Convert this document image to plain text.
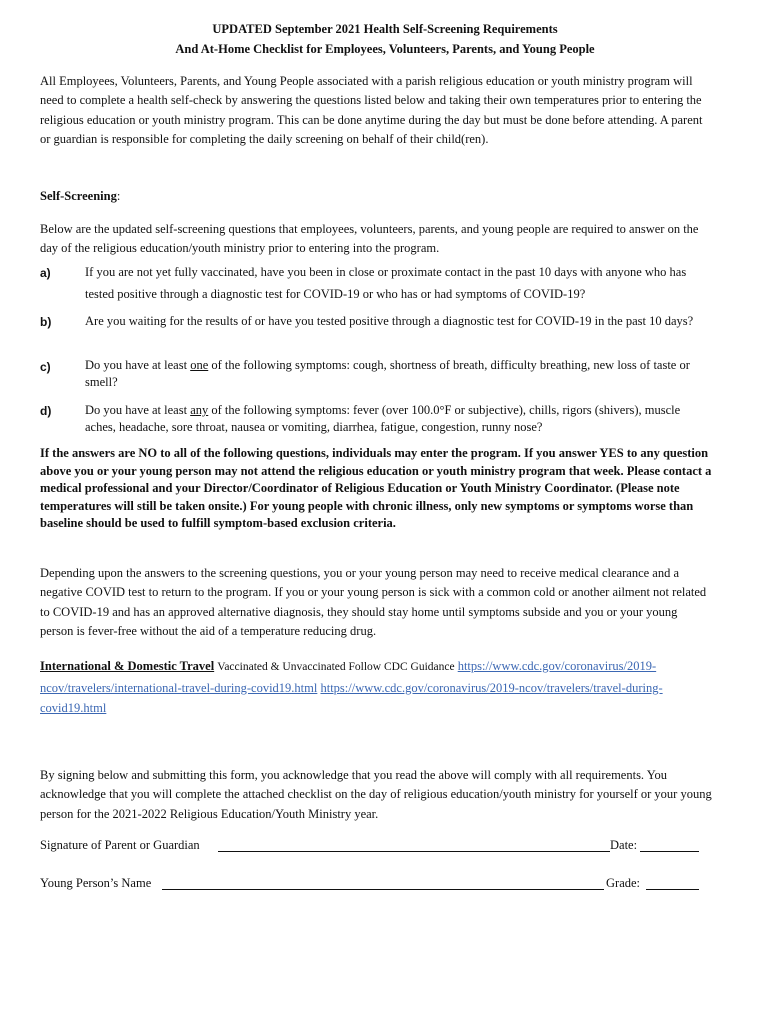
UPDATED September 2021 Health Self-Screening Requirements
And At-Home Checklist for Employees, Volunteers, Parents, and Young People
All Employees, Volunteers, Parents, and Young People associated with a parish religious education or youth ministry program will need to complete a health self-check by answering the questions listed below and taking their own temperatures prior to entering the religious education or youth ministry program. This can be done anytime during the day but must be done before attending. A parent or guardian is responsible for completing the daily screening on behalf of their child(ren).
Self-Screening:
Below are the updated self-screening questions that employees, volunteers, parents, and young people are required to answer on the day of the religious education/youth ministry prior to entering into the program.
a)	If you are not yet fully vaccinated, have you been in close or proximate contact in the past 10 days with anyone who has tested positive through a diagnostic test for COVID-19 or who has or had symptoms of COVID-19?
b)	Are you waiting for the results of or have you tested positive through a diagnostic test for COVID-19 in the past 10 days?
c)	Do you have at least one of the following symptoms: cough, shortness of breath, difficulty breathing, new loss of taste or smell?
d)	Do you have at least any of the following symptoms: fever (over 100.0°F or subjective), chills, rigors (shivers), muscle aches, headache, sore throat, nausea or vomiting, diarrhea, fatigue, congestion, runny nose?
If the answers are NO to all of the following questions, individuals may enter the program. If you answer YES to any question above you or your young person may not attend the religious education or youth ministry program that week. Please contact a medical professional and your Director/Coordinator of Religious Education or Youth Ministry Coordinator. (Please note temperatures will still be taken onsite.) For young people with chronic illness, only new symptoms or symptoms worse than baseline should be used to fulfill symptom-based exclusion criteria.
Depending upon the answers to the screening questions, you or your young person may need to receive medical clearance and a negative COVID test to return to the program. If you or your young person is sick with a common cold or another ailment not related to COVID-19 and has an approved alternative diagnosis, they should stay home until symptoms subside and you or your young person is fever-free without the aid of a temperature reducing drug.
International & Domestic Travel Vaccinated & Unvaccinated Follow CDC Guidance https://www.cdc.gov/coronavirus/2019-ncov/travelers/international-travel-during-covid19.html https://www.cdc.gov/coronavirus/2019-ncov/travelers/travel-during-covid19.html
By signing below and submitting this form, you acknowledge that you read the above will comply with all requirements. You acknowledge that you will complete the attached checklist on the day of religious education/youth ministry for yourself or your young person for the 2021-2022 Religious Education/Youth Ministry year.
Signature of Parent or Guardian	Date:
Young Person’s Name	Grade:
